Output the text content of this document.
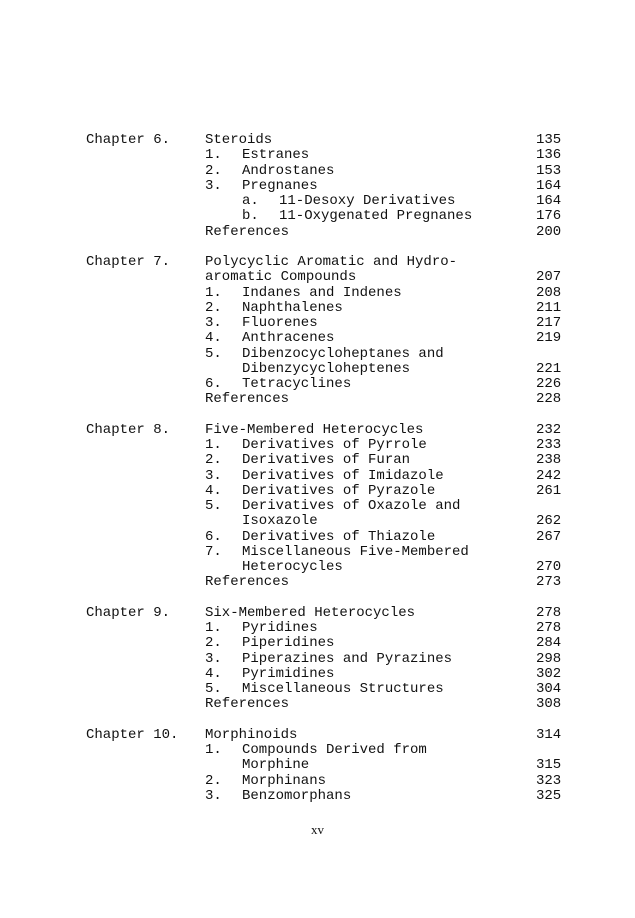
Chapter 6. Steroids	135
1. Estranes	136
2. Androstanes	153
3. Pregnanes	164
a. 11-Desoxy Derivatives	164
b. 11-Oxygenated Pregnanes	176
References	200
Chapter 7. Polycyclic Aromatic and Hydro-
aromatic Compounds	207
1. Indanes and Indenes	208
2. Naphthalenes	211
3. Fluorenes	217
4. Anthracenes	219
5. Dibenzocycloheptanes and
Dibenzycycloheptenes	221
6. Tetracyclines	226
References	228
Chapter 8. Five-Membered Heterocycles	232
1. Derivatives of Pyrrole	233
2. Derivatives of Furan	238
3. Derivatives of Imidazole	242
4. Derivatives of Pyrazole	261
5. Derivatives of Oxazole and
Isoxazole	262
6. Derivatives of Thiazole	267
7. Miscellaneous Five-Membered
Heterocycles	270
References	273
Chapter 9. Six-Membered Heterocycles	278
1. Pyridines	278
2. Piperidines	284
3. Piperazines and Pyrazines	298
4. Pyrimidines	302
5. Miscellaneous Structures	304
References	308
Chapter 10. Morphinoids	314
1. Compounds Derived from
Morphine	315
2. Morphinans	323
3. Benzomorphans	325
xv
